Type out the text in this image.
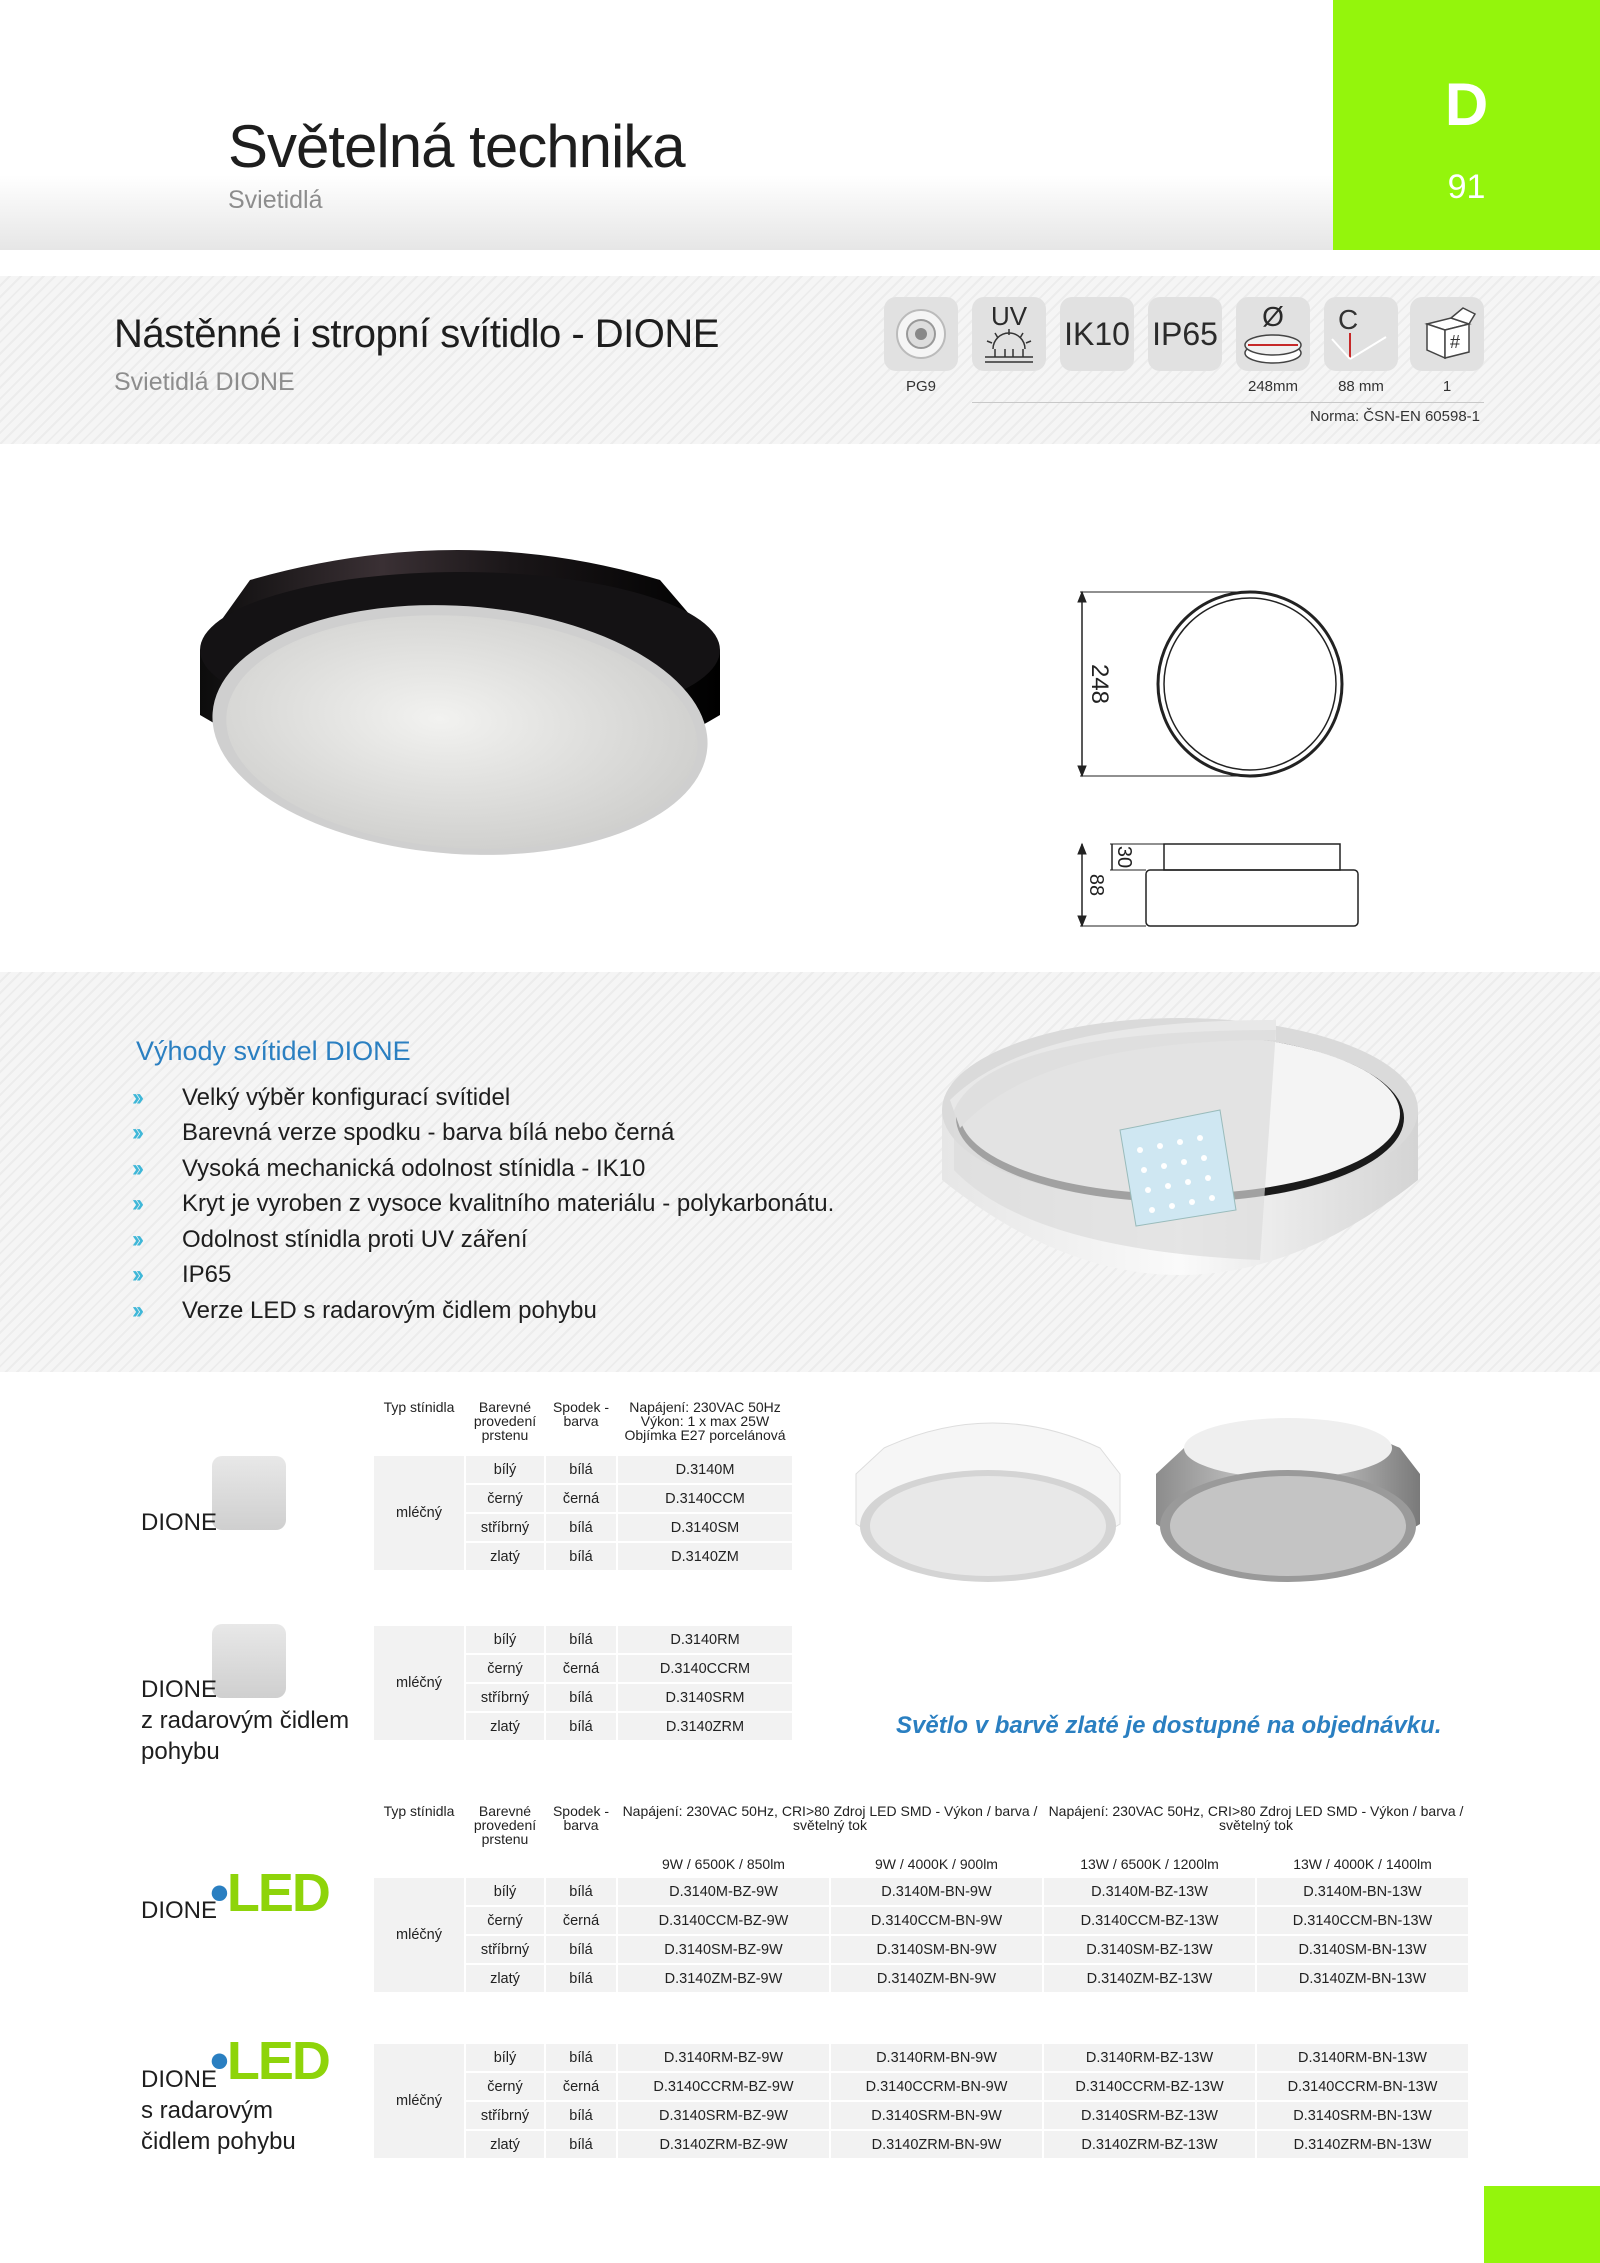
Světelná technika
Svietidlá
D
91
Nástěnné i stropní svítidlo - DIONE
Svietidlá DIONE	PG9
UV IK10 IP65 Ø
248mm
C
88 mm
#
1
Norma: ČSN-EN 60598-1
248
30
88
Výhody svítidel DIONE
››	Velký výběr konfigurací svítidel
››	Barevná verze spodku - barva bílá nebo černá
››	Vysoká mechanická odolnost stínidla - IK10
››	Kryt je vyroben z vysoce kvalitního materiálu - polykarbonátu.
››	Odolnost stínidla proti UV záření
››	IP65
››	Verze LED s radarovým čidlem pohybu
DIONE
Typ stínidla	Barevné provedení prstenu	Spodek - barva	Napájení: 230VAC 50Hz Výkon: 1 x max 25W Objímka E27 porcelánová
mléčný	bílý	bílá	D.3140M
	černý	černá	D.3140CCM
	stříbrný	bílá	D.3140SM
	zlatý	bílá	D.3140ZM
DIONE
z radarovým čidlem
pohybu
mléčný	bílý	bílá	D.3140RM
	černý	černá	D.3140CCRM
	stříbrný	bílá	D.3140SRM
	zlatý	bílá	D.3140ZRM	Světlo v barvě zlaté je dostupné na objednávku.
DIONE
•LED
Typ stínidla	Barevné provedení prstenu	Spodek - barva	Napájení: 230VAC 50Hz, CRI>80 Zdroj LED SMD - Výkon / barva / světelný tok		Napájení: 230VAC 50Hz, CRI>80 Zdroj LED SMD - Výkon / barva / světelný tok	
			9W / 6500K / 850lm	9W / 4000K / 900lm	13W / 6500K / 1200lm	13W / 4000K / 1400lm
mléčný	bílý	bílá	D.3140M-BZ-9W	D.3140M-BN-9W	D.3140M-BZ-13W	D.3140M-BN-13W
	černý	černá	D.3140CCM-BZ-9W	D.3140CCM-BN-9W	D.3140CCM-BZ-13W	D.3140CCM-BN-13W
	stříbrný	bílá	D.3140SM-BZ-9W	D.3140SM-BN-9W	D.3140SM-BZ-13W	D.3140SM-BN-13W
	zlatý	bílá	D.3140ZM-BZ-9W	D.3140ZM-BN-9W	D.3140ZM-BZ-13W	D.3140ZM-BN-13W
DIONE
s radarovým
čidlem pohybu
•LED
mléčný	bílý	bílá	D.3140RM-BZ-9W	D.3140RM-BN-9W	D.3140RM-BZ-13W	D.3140RM-BN-13W
	černý	černá	D.3140CCRM-BZ-9W	D.3140CCRM-BN-9W	D.3140CCRM-BZ-13W	D.3140CCRM-BN-13W
	stříbrný	bílá	D.3140SRM-BZ-9W	D.3140SRM-BN-9W	D.3140SRM-BZ-13W	D.3140SRM-BN-13W
	zlatý	bílá	D.3140ZRM-BZ-9W	D.3140ZRM-BN-9W	D.3140ZRM-BZ-13W	D.3140ZRM-BN-13W
